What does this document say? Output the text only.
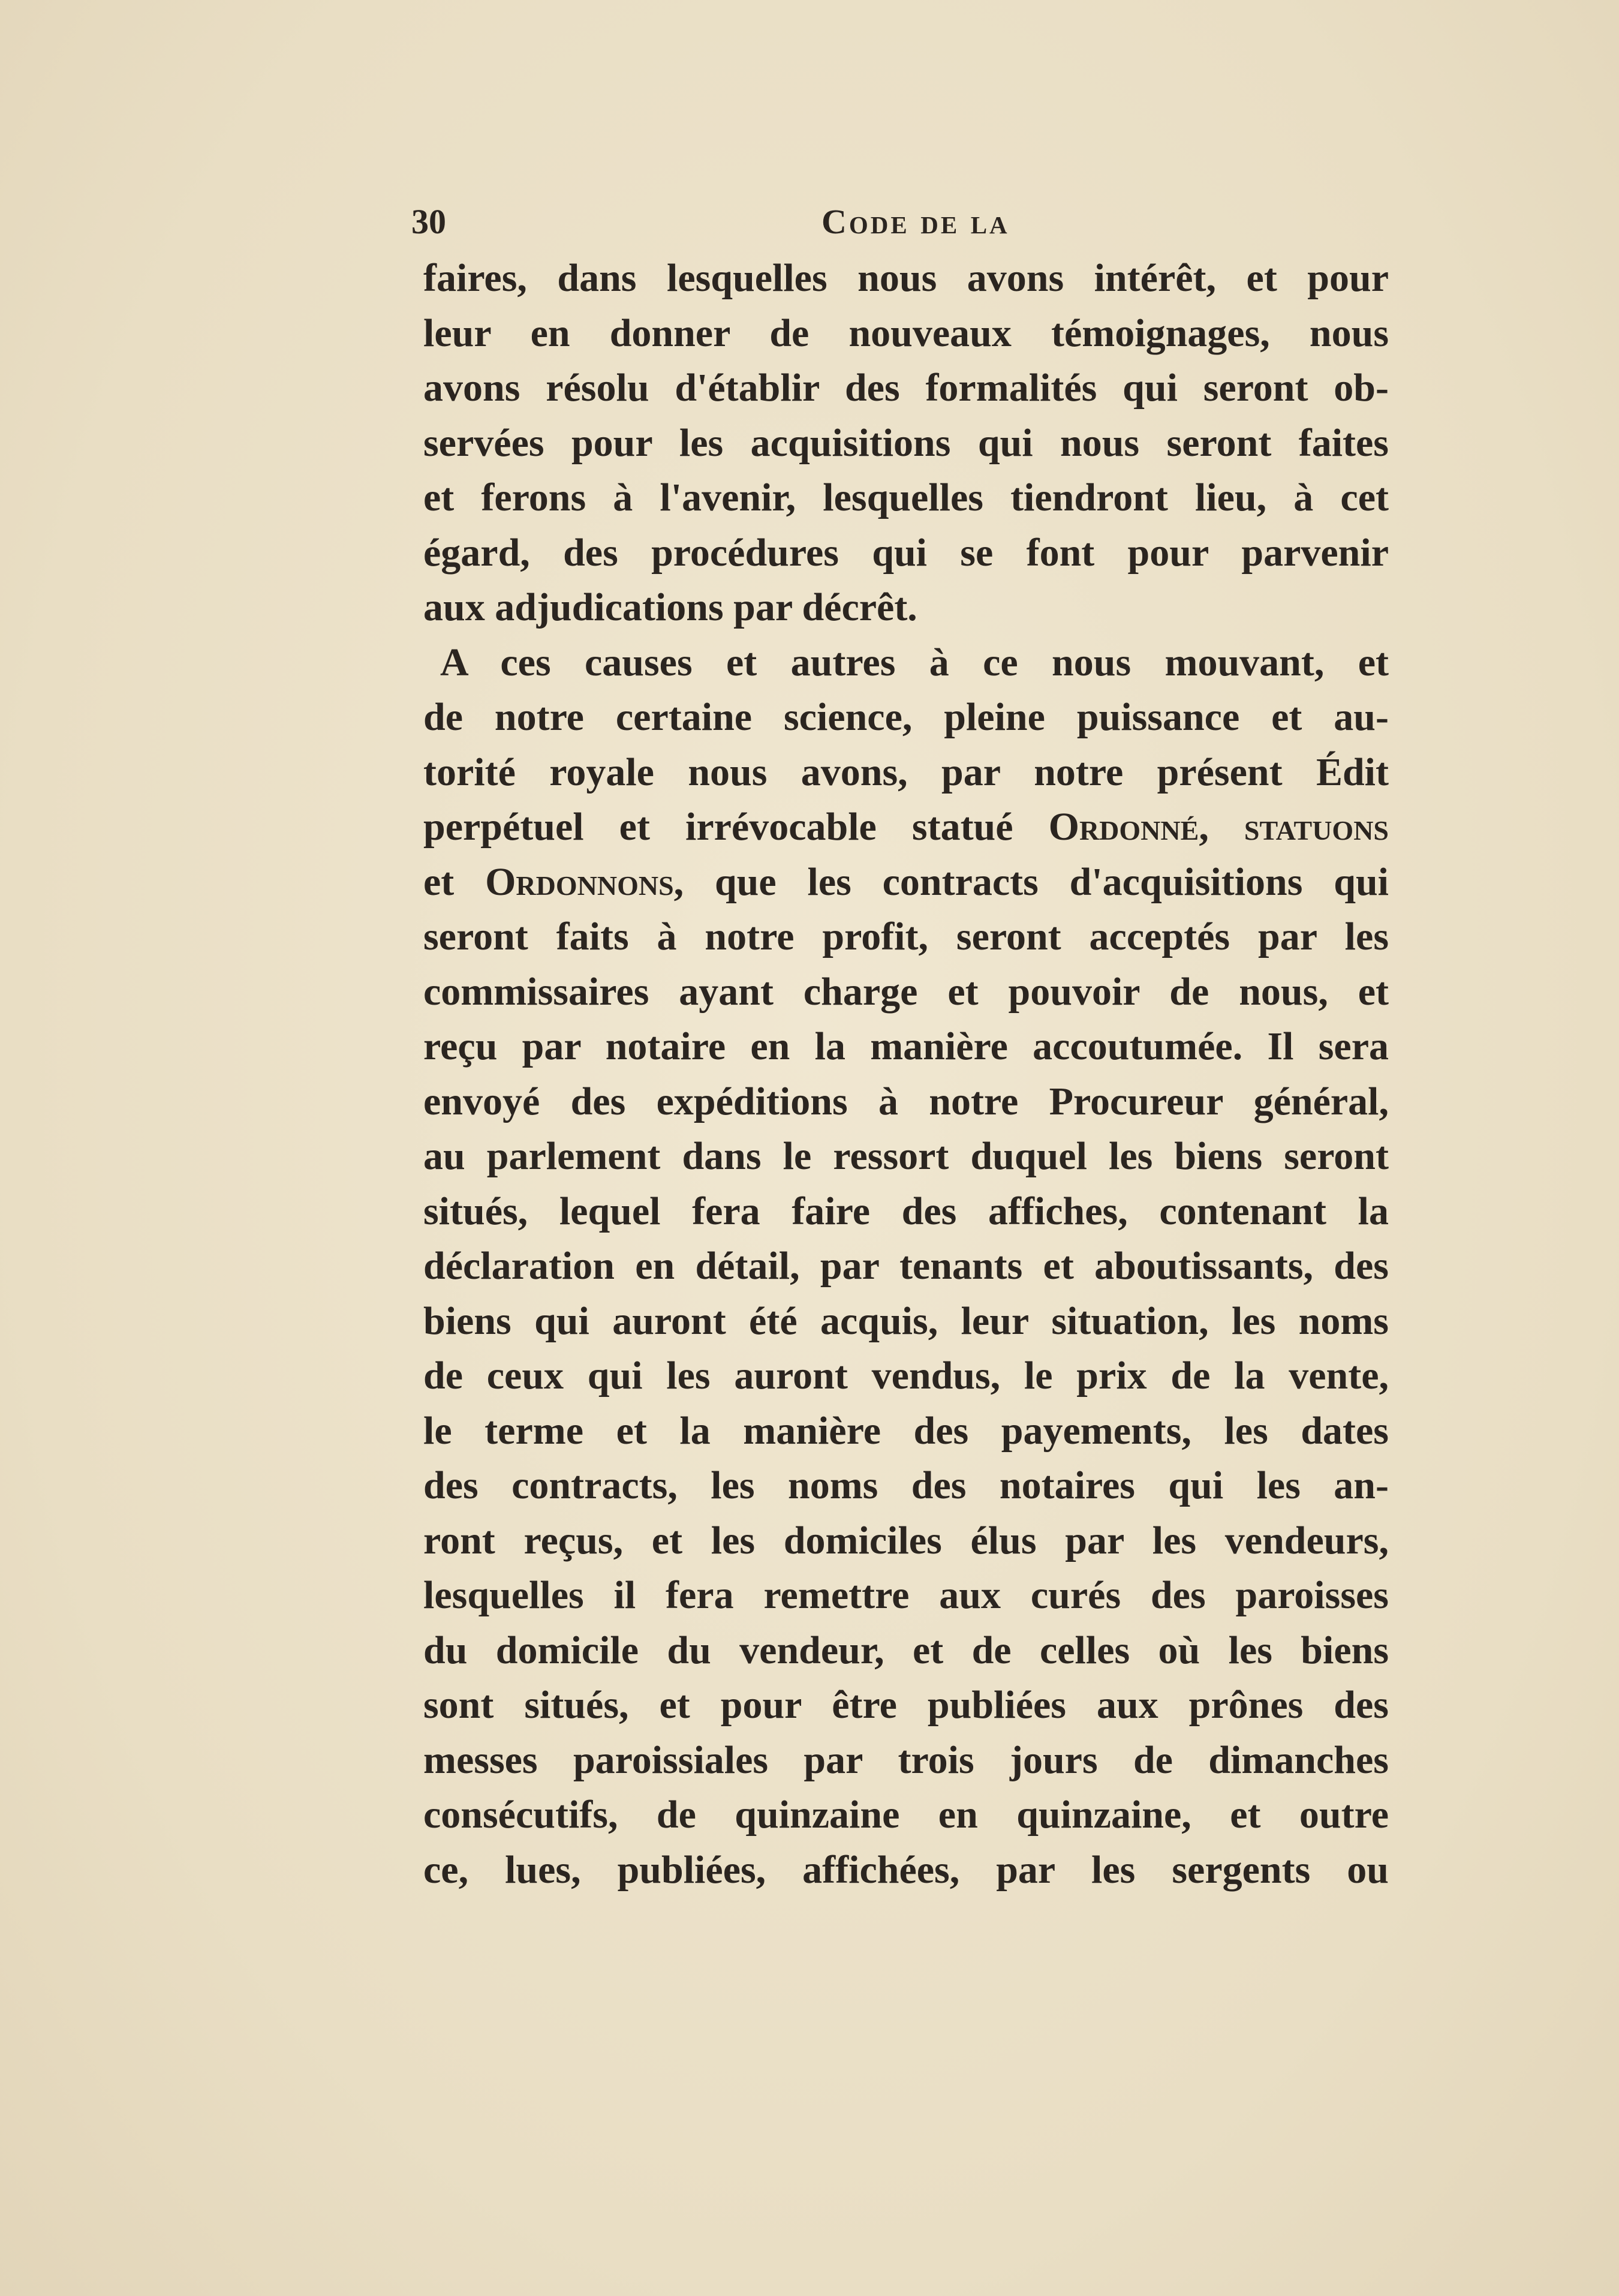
30	Code de la
faires, dans lesquelles nous avons intérêt, et pour
leur en donner de nouveaux témoignages, nous
avons résolu d'établir des formalités qui seront ob-
servées pour les acquisitions qui nous seront faites
et ferons à l'avenir, lesquelles tiendront lieu, à cet
égard, des procédures qui se font pour parvenir
aux adjudications par décrêt.
A ces causes et autres à ce nous mouvant, et
de notre certaine science, pleine puissance et au-
torité royale nous avons, par notre présent Édit
perpétuel et irrévocable statué Ordonné, statuons
et Ordonnons, que les contracts d'acquisitions qui
seront faits à notre profit, seront acceptés par les
commissaires ayant charge et pouvoir de nous, et
reçu par notaire en la manière accoutumée. Il sera
envoyé des expéditions à notre Procureur général,
au parlement dans le ressort duquel les biens seront
situés, lequel fera faire des affiches, contenant la
déclaration en détail, par tenants et aboutissants, des
biens qui auront été acquis, leur situation, les noms
de ceux qui les auront vendus, le prix de la vente,
le terme et la manière des payements, les dates
des contracts, les noms des notaires qui les an-
ront reçus, et les domiciles élus par les vendeurs,
lesquelles il fera remettre aux curés des paroisses
du domicile du vendeur, et de celles où les biens
sont situés, et pour être publiées aux prônes des
messes paroissiales par trois jours de dimanches
consécutifs, de quinzaine en quinzaine, et outre
ce, lues, publiées, affichées, par les sergents ou
